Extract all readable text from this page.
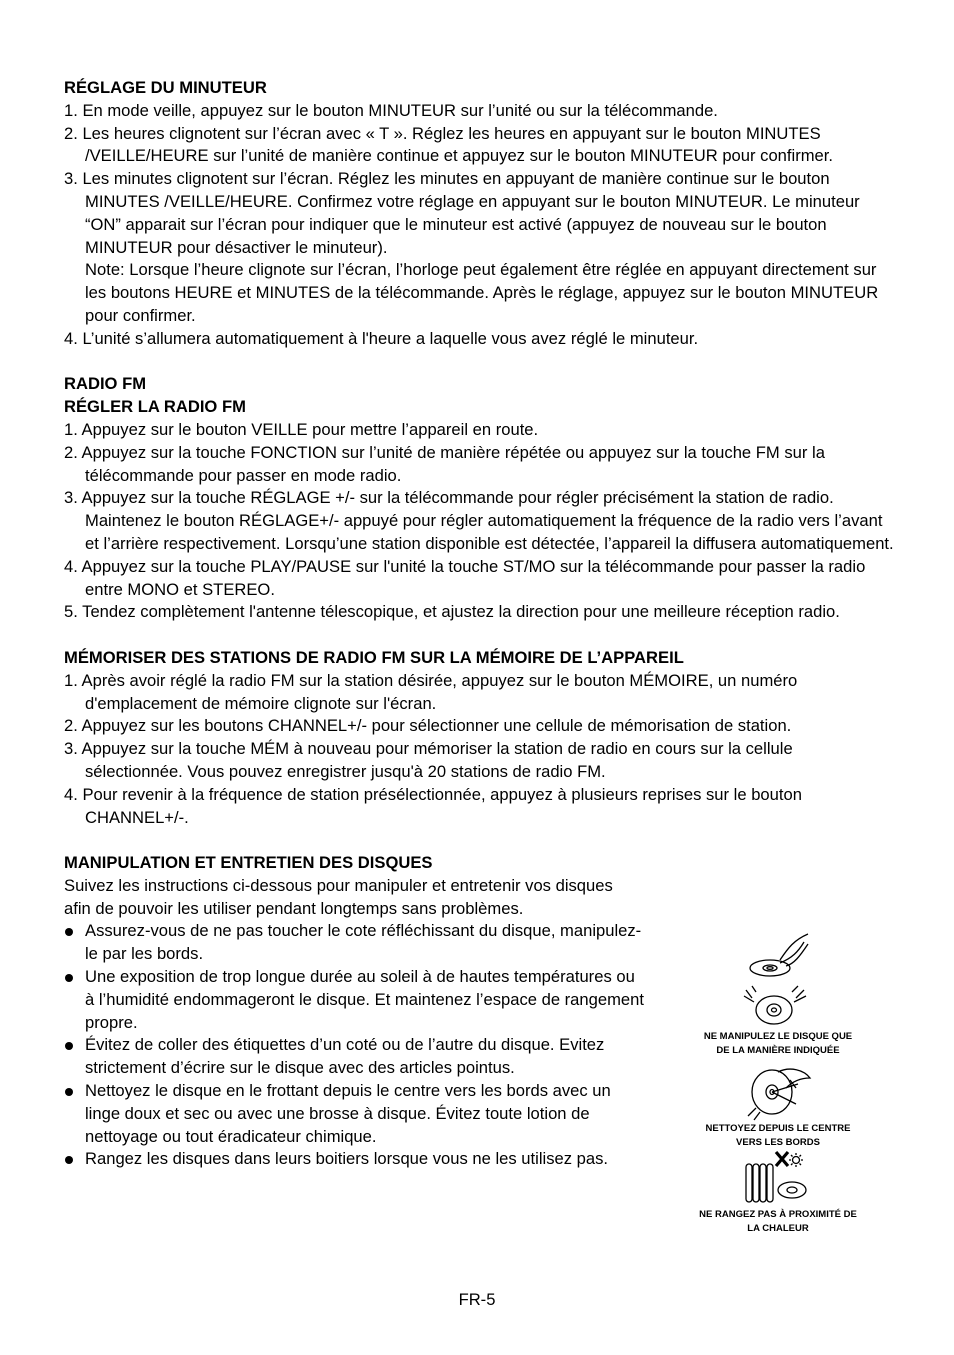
RÉGLAGE DU MINUTEUR

1. En mode veille, appuyez sur le bouton MINUTEUR sur l’unité ou sur la télécommande.
2. Les heures clignotent sur l’écran avec « T ». Réglez les heures en appuyant sur le bouton MINUTES /VEILLE/HEURE sur l’unité de manière continue et appuyez sur le bouton MINUTEUR pour confirmer.
3. Les minutes clignotent sur l’écran. Réglez les minutes en appuyant de manière continue sur le bouton MINUTES /VEILLE/HEURE. Confirmez votre réglage en appuyant sur le bouton MINUTEUR. Le minuteur “ON” apparait sur l’écran pour indiquer que le minuteur est activé (appuyez de nouveau sur le bouton MINUTEUR pour désactiver le minuteur).

Note: Lorsque l’heure clignote sur l’écran, l’horloge peut également être réglée en appuyant directement sur les boutons HEURE et MINUTES de la télécommande. Après le réglage, appuyez sur le bouton MINUTEUR pour confirmer.

4. L’unité s’allumera automatiquement à l'heure a laquelle vous avez réglé le minuteur.

RADIO FM

RÉGLER LA RADIO FM

1. Appuyez sur le bouton VEILLE pour mettre l’appareil en route.
2. Appuyez sur la touche FONCTION sur l’unité de manière répétée ou appuyez sur la touche FM sur la télécommande pour passer en mode radio.
3. Appuyez sur la touche RÉGLAGE +/- sur la télécommande pour régler précisément la station de radio. Maintenez le bouton RÉGLAGE+/- appuyé pour régler automatiquement la fréquence de la radio vers l’avant et l’arrière respectivement. Lorsqu’une station disponible est détectée, l’appareil la diffusera automatiquement.
4. Appuyez sur la touche PLAY/PAUSE sur l'unité la touche ST/MO sur la télécommande pour passer la radio entre MONO et STEREO.
5. Tendez complètement l'antenne télescopique, et ajustez la direction pour une meilleure réception radio.

MÉMORISER DES STATIONS DE RADIO FM SUR LA MÉMOIRE DE L’APPAREIL

1. Après avoir réglé la radio FM sur la station désirée, appuyez sur le bouton MÉMOIRE, un numéro d'emplacement de mémoire clignote sur l'écran.
2. Appuyez sur les boutons CHANNEL+/- pour sélectionner une cellule de mémorisation de station.
3. Appuyez sur la touche MÉM à nouveau pour mémoriser la station de radio en cours sur la cellule sélectionnée. Vous pouvez enregistrer jusqu'à 20 stations de radio FM.
4. Pour revenir à la fréquence de station présélectionnée, appuyez à plusieurs reprises sur le bouton CHANNEL+/-.

MANIPULATION ET ENTRETIEN DES DISQUES

Suivez les instructions ci-dessous pour manipuler et entretenir vos disques afin de pouvoir les utiliser pendant longtemps sans problèmes.

Assurez-vous de ne pas toucher le cote réfléchissant du disque, manipulez-le par les bords.
Une exposition de trop longue durée au soleil à de hautes températures ou à l’humidité endommageront le disque. Et maintenez l’espace de rangement propre.
Évitez de coller des étiquettes d’un coté ou de l’autre du disque. Evitez strictement d’écrire sur le disque avec des articles pointus.
Nettoyez le disque en le frottant depuis le centre vers les bords avec un linge doux et sec ou avec une brosse à disque. Évitez toute lotion de nettoyage ou tout éradicateur chimique.
Rangez les disques dans leurs boitiers lorsque vous ne les utilisez pas.

NE MANIPULEZ LE DISQUE QUE

DE LA MANIÈRE INDIQUÉE

NETTOYEZ DEPUIS LE CENTRE

VERS LES BORDS

NE RANGEZ PAS À PROXIMITÉ DE

LA CHALEUR

FR-5
